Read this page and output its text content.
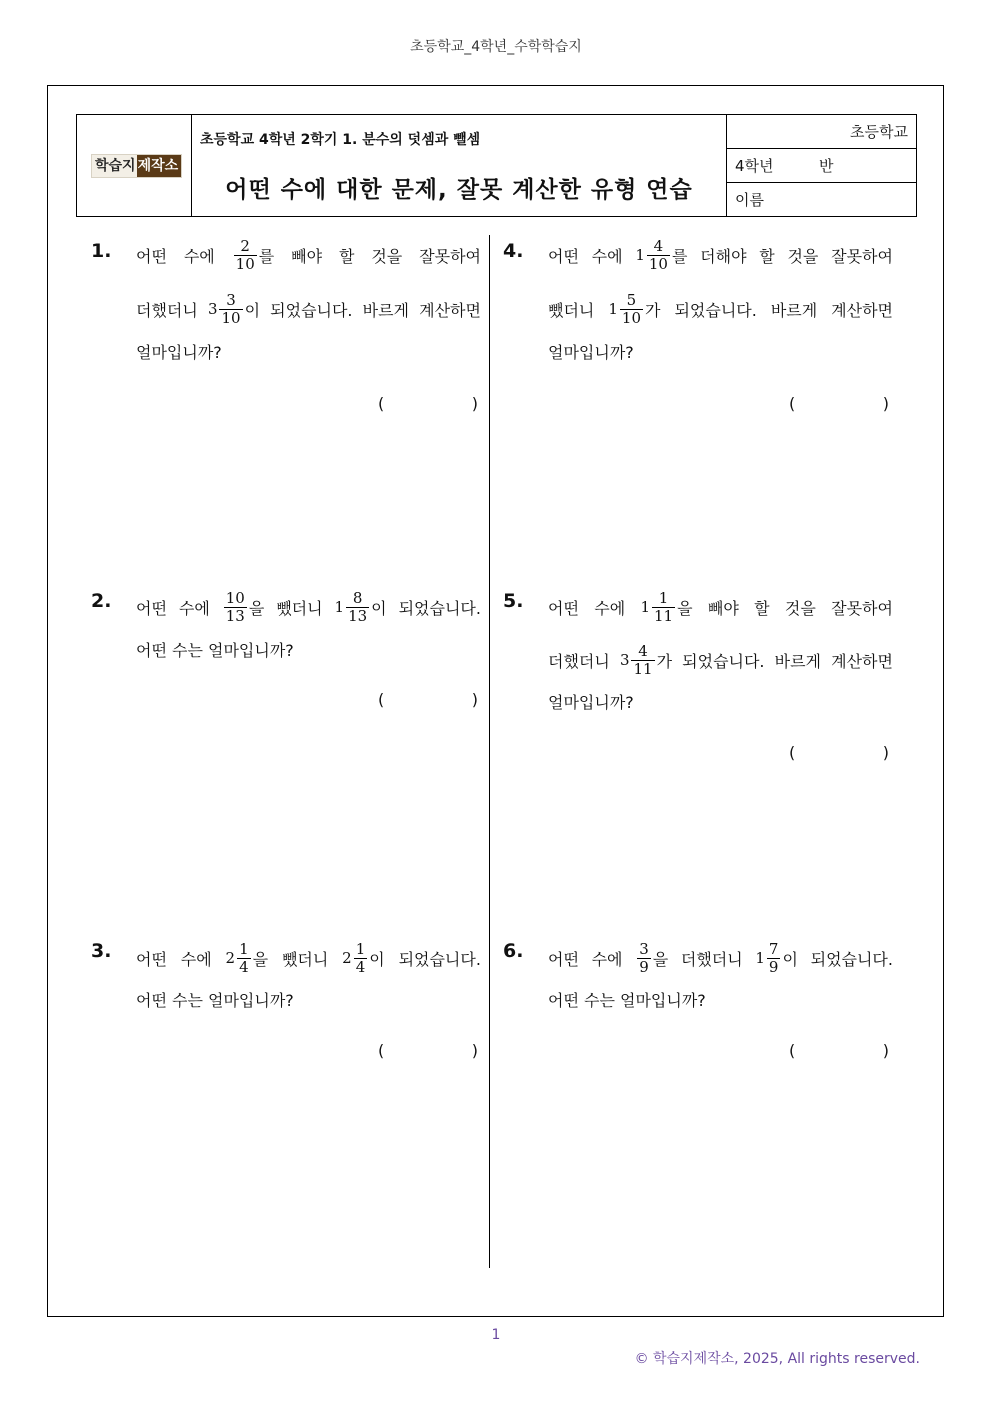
초등학교_4학년_수학학습지
학습지 제작소
초등학교 4학년 2학기 1. 분수의 덧셈과 뺄셈
어떤 수에 대한 문제, 잘못 계산한 유형 연습
초등학교
4학년	반
이름
1. 어떤 수에 $\frac{2}{10}$ 를 빼야 할 것을 잘못하여
더했더니 $3 \frac{3}{10}$ 이 되었습니다. 바르게 계산하면
얼마입니까?
(	)
2. 어떤 수에 $\frac{10}{13}$ 을 뺐더니 $1 \frac{8}{13}$ 이 되었습니다.
어떤 수는 얼마입니까?
(	)
3. 어떤 수에 $2 \frac{1}{4}$ 을 뺐더니 $2 \frac{1}{4}$ 이 되었습니다.
어떤 수는 얼마입니까?
(	)
4. 어떤 수에 $1 \frac{4}{10}$ 를 더해야 할 것을 잘못하여
뺐더니 $1 \frac{5}{10}$ 가 되었습니다. 바르게 계산하면
얼마입니까?
(	)
5. 어떤 수에 $1 \frac{1}{11}$ 을 빼야 할 것을 잘못하여
더했더니 $3 \frac{4}{11}$ 가 되었습니다. 바르게 계산하면
얼마입니까?
(	)
6. 어떤 수에 $\frac{3}{9}$ 을 더했더니 $1 \frac{7}{9}$ 이 되었습니다.
어떤 수는 얼마입니까?
(	)
1
© 학습지제작소, 2025, All rights reserved.
